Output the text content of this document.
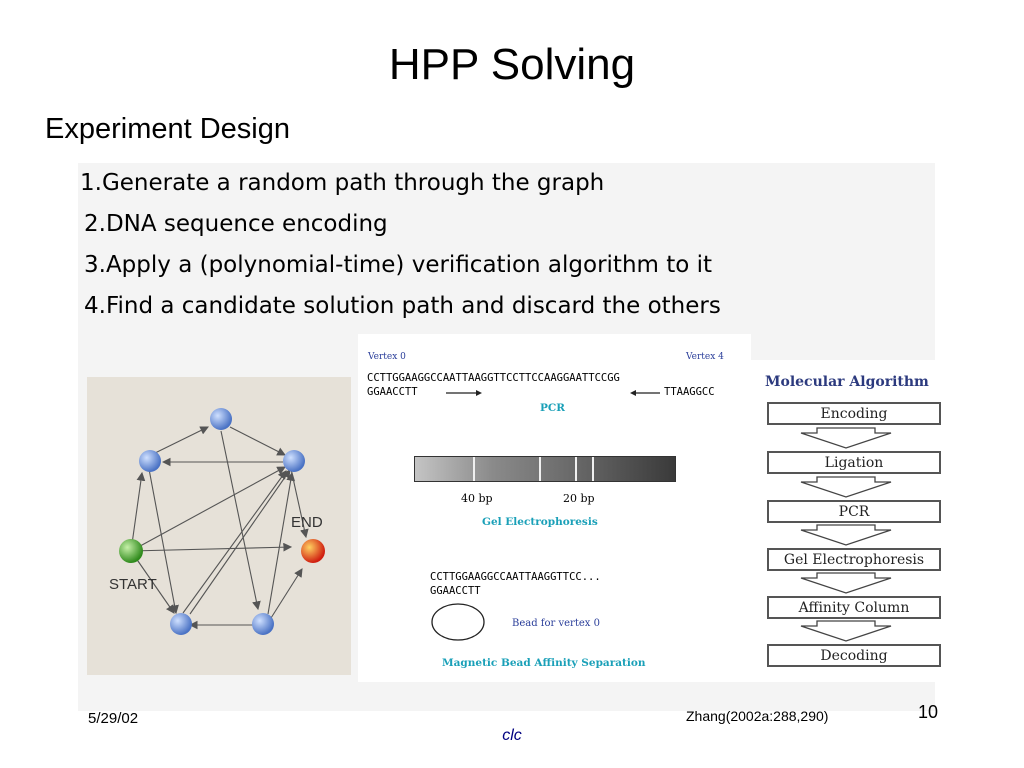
HPP Solving
Experiment Design
1.Generate a random path through the graph
2.DNA sequence encoding
3.Apply a (polynomial-time) verification algorithm to it
4.Find a candidate solution path and discard the others
START
END
Vertex 0	Vertex 4
CCTTGGAAGGCCAATTAAGGTTCCTTCCAAGGAATTCCGG
GGAACCTT	TTAAGGCC
PCR
40 bp	20 bp
Gel Electrophoresis
CCTTGGAAGGCCAATTAAGGTTCC...
GGAACCTT
Bead for vertex 0
Magnetic Bead Affinity Separation
Molecular Algorithm
Encoding
Ligation
PCR
Gel Electrophoresis
Affinity Column
Decoding
5/29/02	Zhang(2002a:288,290)	10
clc
